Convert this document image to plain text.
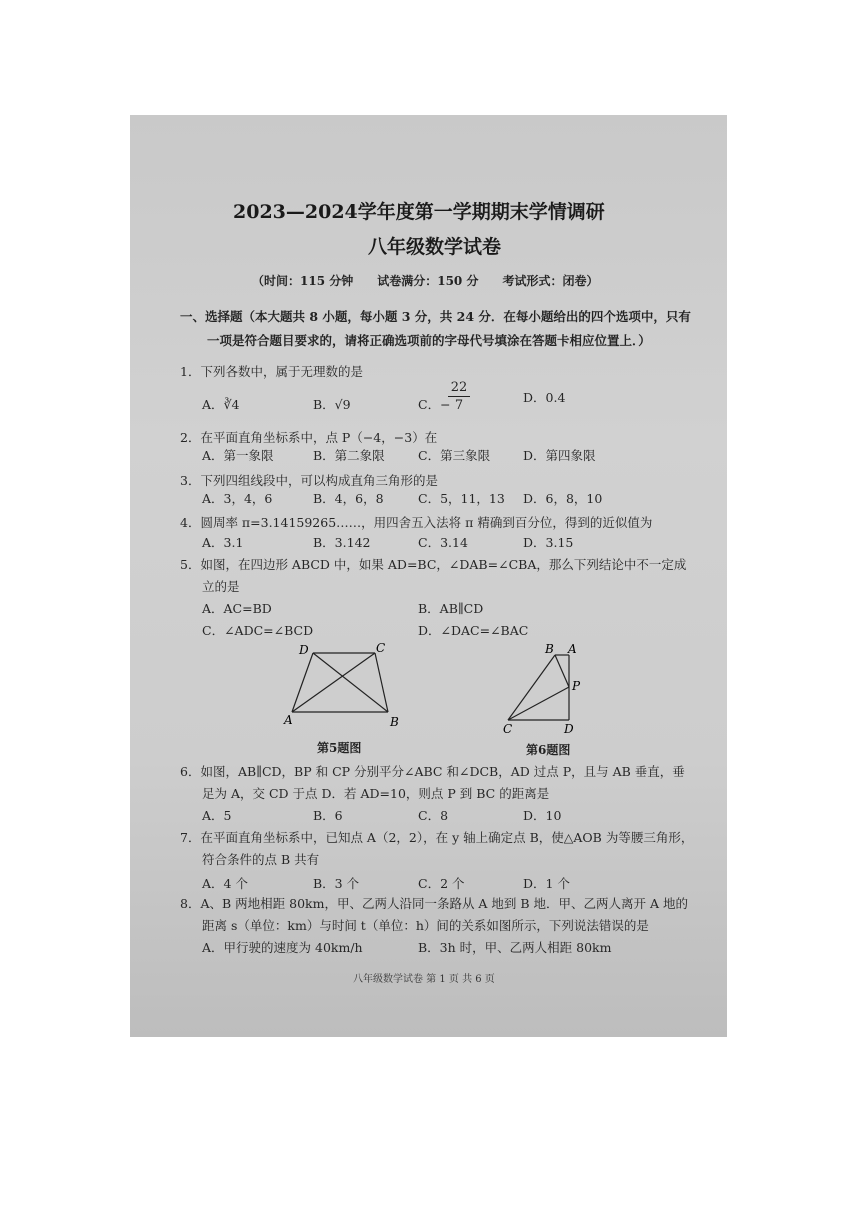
2023—2024学年度第一学期期末学情调研
八年级数学试卷
（时间：115 分钟　　试卷满分：150 分　　考试形式：闭卷）
一、选择题（本大题共 8 小题，每小题 3 分，共 24 分．在每小题给出的四个选项中，只有
一项是符合题目要求的，请将正确选项前的字母代号填涂在答题卡相应位置上．）
1．下列各数中，属于无理数的是
A．∛4	B．√9	C．−
22
7
D．0.4
2．在平面直角坐标系中，点 P（−4，−3）在
A．第一象限	B．第二象限	C．第三象限	D．第四象限
3．下列四组线段中，可以构成直角三角形的是
A．3，4，6	B．4，6，8	C．5，11，13 D．6，8，10
4．圆周率 π=3.14159265……，用四舍五入法将 π 精确到百分位，得到的近似值为
A．3.1	B．3.142	C．3.14	D．3.15
5．如图，在四边形 ABCD 中，如果 AD=BC，∠DAB=∠CBA，那么下列结论中不一定成
立的是
A．AC=BD	B．AB∥CD
C．∠ADC=∠BCD	D．∠DAC=∠BAC
D	C
A	B
第5题图
B A
P
C	D
第6题图
6．如图，AB∥CD，BP 和 CP 分别平分∠ABC 和∠DCB，AD 过点 P，且与 AB 垂直，垂
足为 A，交 CD 于点 D．若 AD=10，则点 P 到 BC 的距离是
A．5	B．6	C．8	D．10
7．在平面直角坐标系中，已知点 A（2，2），在 y 轴上确定点 B，使△AOB 为等腰三角形，
符合条件的点 B 共有
A．4 个	B．3 个	C．2 个	D．1 个
8．A、B 两地相距 80km，甲、乙两人沿同一条路从 A 地到 B 地．甲、乙两人离开 A 地的
距离 s（单位：km）与时间 t（单位：h）间的关系如图所示，下列说法错误的是
A．甲行驶的速度为 40km/h	B．3h 时，甲、乙两人相距 80km
八年级数学试卷 第 1 页 共 6 页
